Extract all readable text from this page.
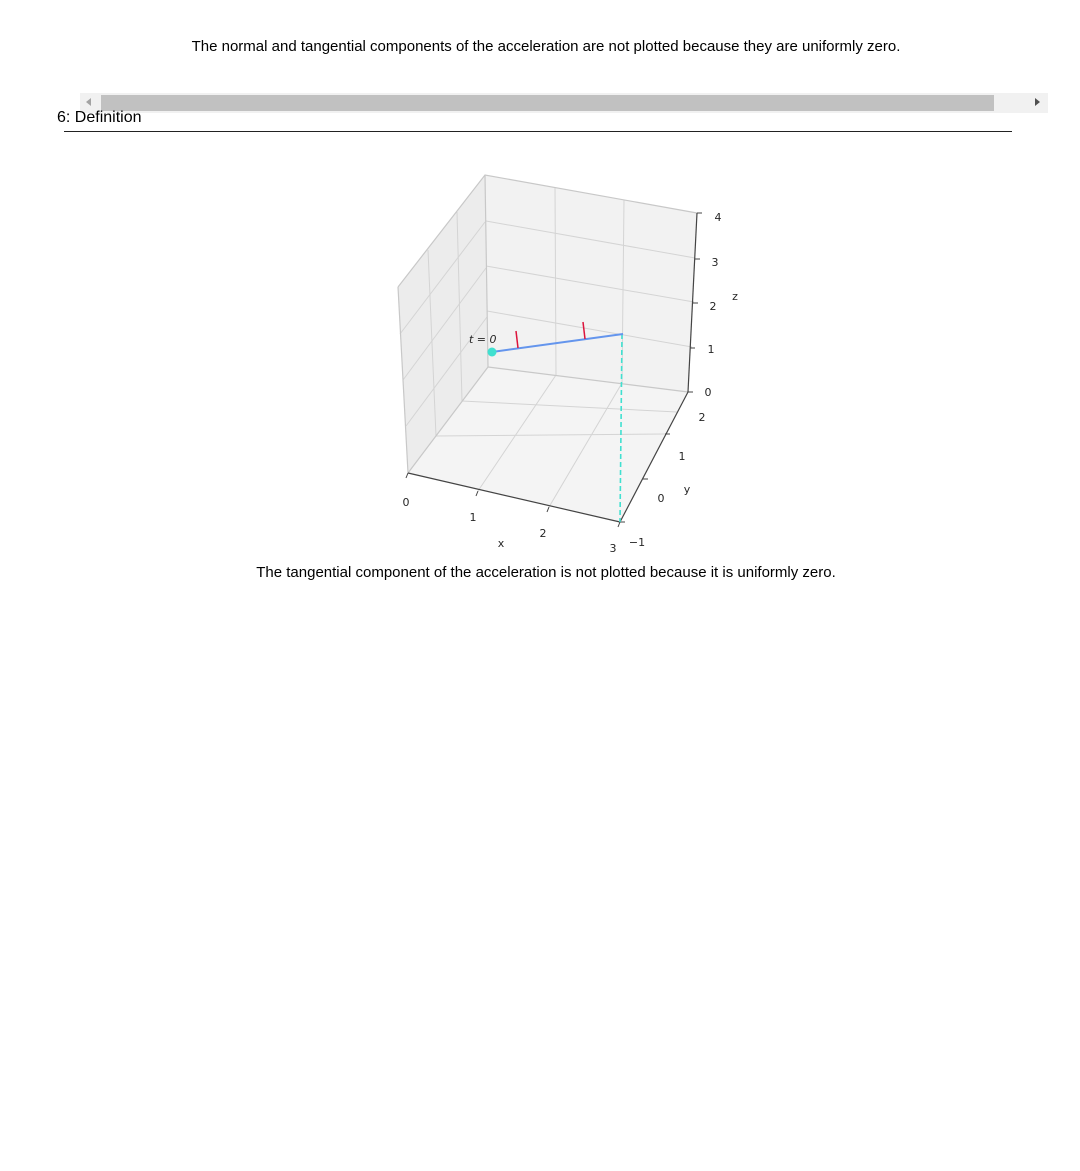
The normal and tangential components of the acceleration are not plotted because they are uniformly zero.
6: Definition
0
1
2
3
x	−1
0
1
2
y
0
1
2
3
4
z
t = 0
The tangential component of the acceleration is not plotted because it is uniformly zero.
